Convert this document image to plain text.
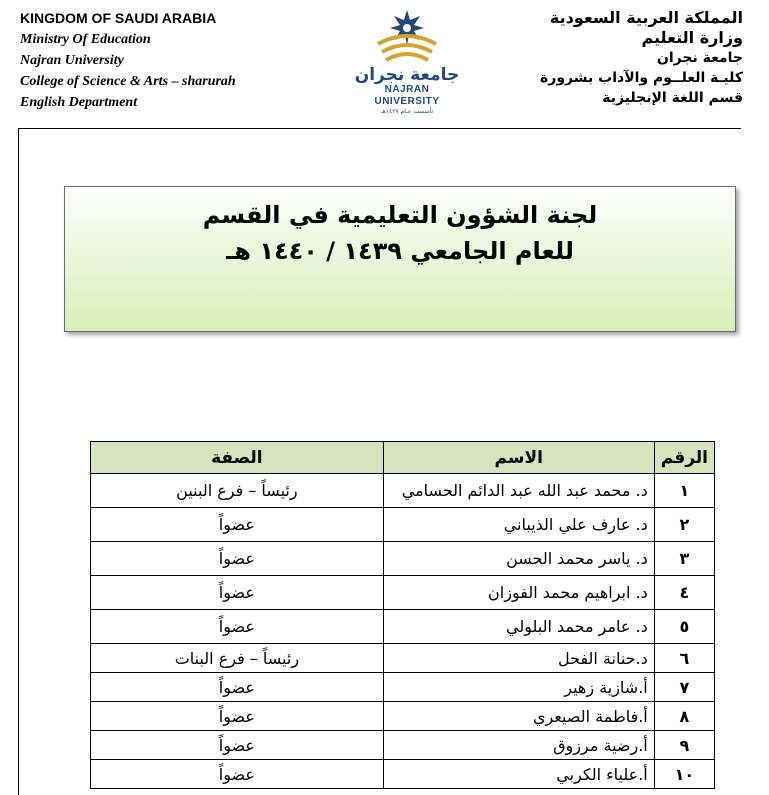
KINGDOM OF SAUDI ARABIA
Ministry Of Education
Najran University
College of Science & Arts – sharurah
English Department
جامعة نجران
NAJRAN UNIVERSITY
تأسست عـام ١٤٢٧هـ
المملكة العربية السعودية
وزارة التعليم
جامعة نجران
كليـة العلــوم والآداب بشرورة
قسم اللغة الإنجليزية
لجنة الشؤون التعليمية في القسم
للعام الجامعي ١٤٣٩ / ١٤٤٠ هـ
الرقم	الاسم	الصفة
١	د. محمد عبد الله عبد الدائم الحسامي	رئيساً – فرع البنين
٢	د. عارف علي الذيباني	عضواً
٣	د. ياسر محمد الحسن	عضواً
٤	د. ابراهيم محمد الفوزان	عضواً
٥	د. عامر محمد البلولي	عضواً
٦	د.حنانة الفحل	رئيساً – فرع البنات
٧	أ.شازية زهير	عضواً
٨	أ.فاطمة الصيعري	عضواً
٩	أ.رضية مرزوق	عضواً
١٠	أ.علياء الكربي	عضواً
